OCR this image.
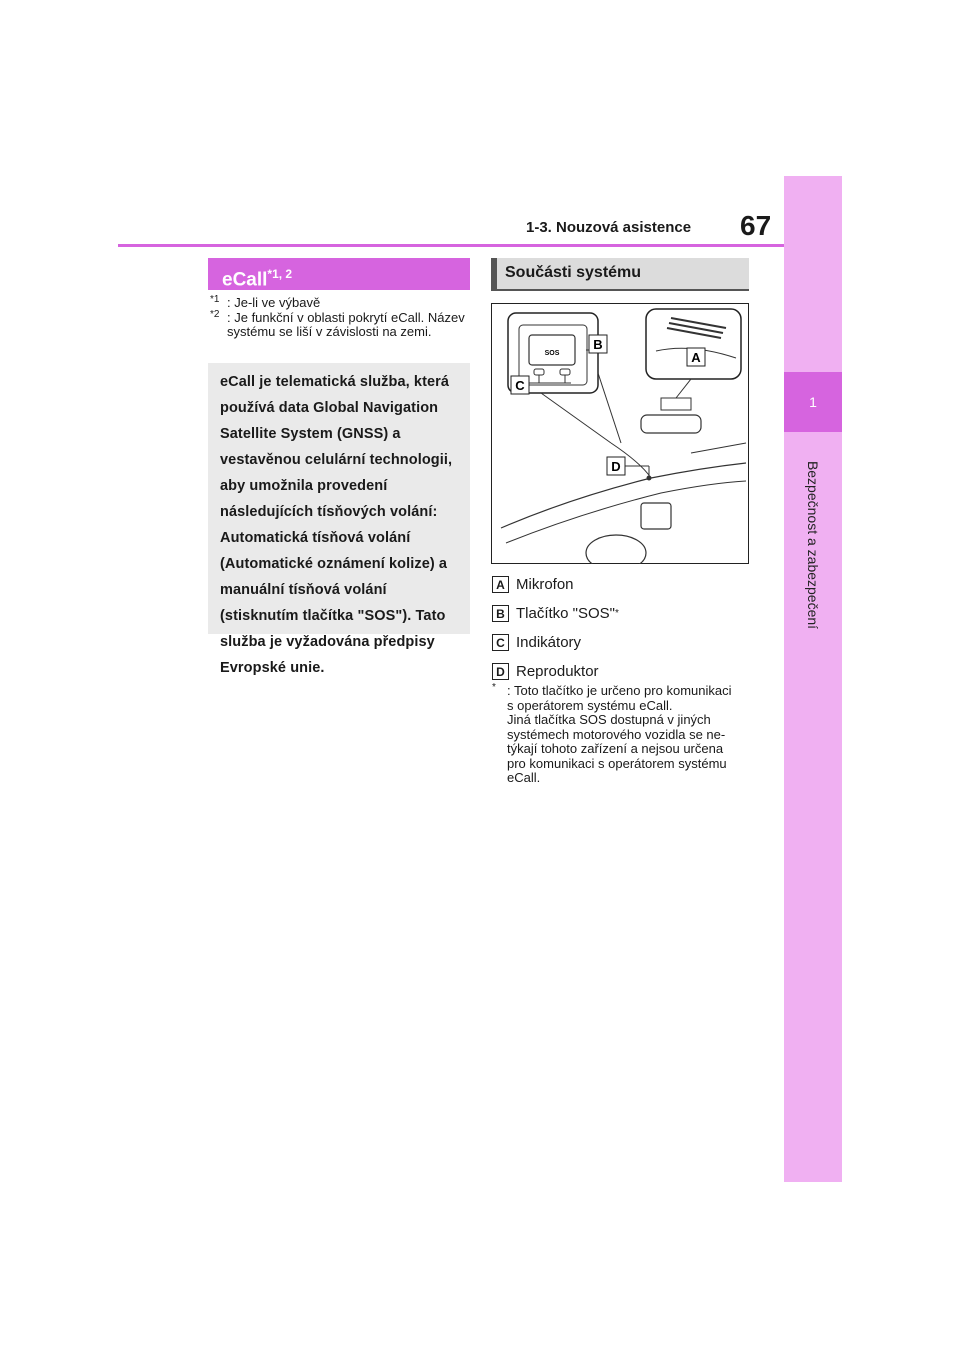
1
Bezpečnost a zabezpečení
1-3. Nouzová asistence 67
eCall$^{*1, 2}$
*1 : Je-li ve výbavě
*2 : Je funkční v oblasti pokrytí eCall. Název systému se liší v závislosti na zemi.
eCall je telematická služba, která používá data Global Navigation Satellite System (GNSS) a vestavěnou celulární technologii, aby umožnila provedení následujících tísňových volání: Automatická tísňová volání (Automatické oznámení kolize) a manuální tísňová volání (stisknutím tlačítka "SOS"). Tato služba je vyžadována předpisy Evropské unie.
Součásti systému
SOS	A
B
C
D
A Mikrofon
B Tlačítko "SOS" *
C Indikátory
D Reproduktor
* : Toto tlačítko je určeno pro komunikaci
s operátorem systému eCall.
Jiná tlačítka SOS dostupná v jiných
systémech motorového vozidla se ne-
týkají tohoto zařízení a nejsou určena
pro komunikaci s operátorem systému
eCall.
